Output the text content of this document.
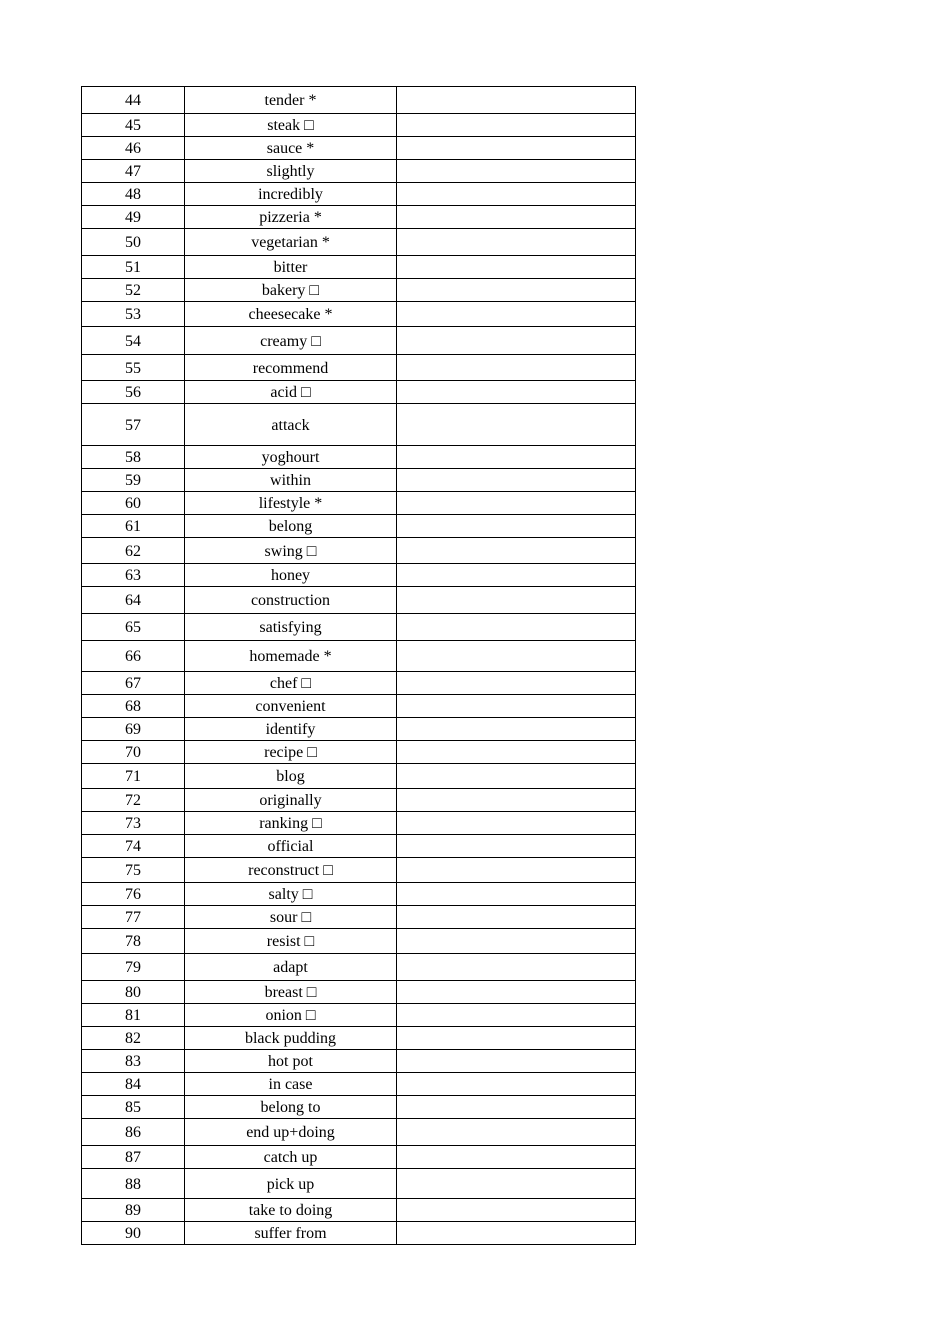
44	tender *	
45	steak □	
46	sauce *	
47	slightly	
48	incredibly	
49	pizzeria *	
50	vegetarian *	
51	bitter	
52	bakery □	
53	cheesecake *	
54	creamy □	
55	recommend	
56	acid □	
57	attack	
58	yoghourt	
59	within	
60	lifestyle *	
61	belong	
62	swing □	
63	honey	
64	construction	
65	satisfying	
66	homemade *	
67	chef □	
68	convenient	
69	identify	
70	recipe □	
71	blog	
72	originally	
73	ranking □	
74	official	
75	reconstruct □	
76	salty □	
77	sour □	
78	resist □	
79	adapt	
80	breast □	
81	onion □	
82	black pudding	
83	hot pot	
84	in case	
85	belong to	
86	end up+doing	
87	catch up	
88	pick up	
89	take to doing	
90	suffer from	
